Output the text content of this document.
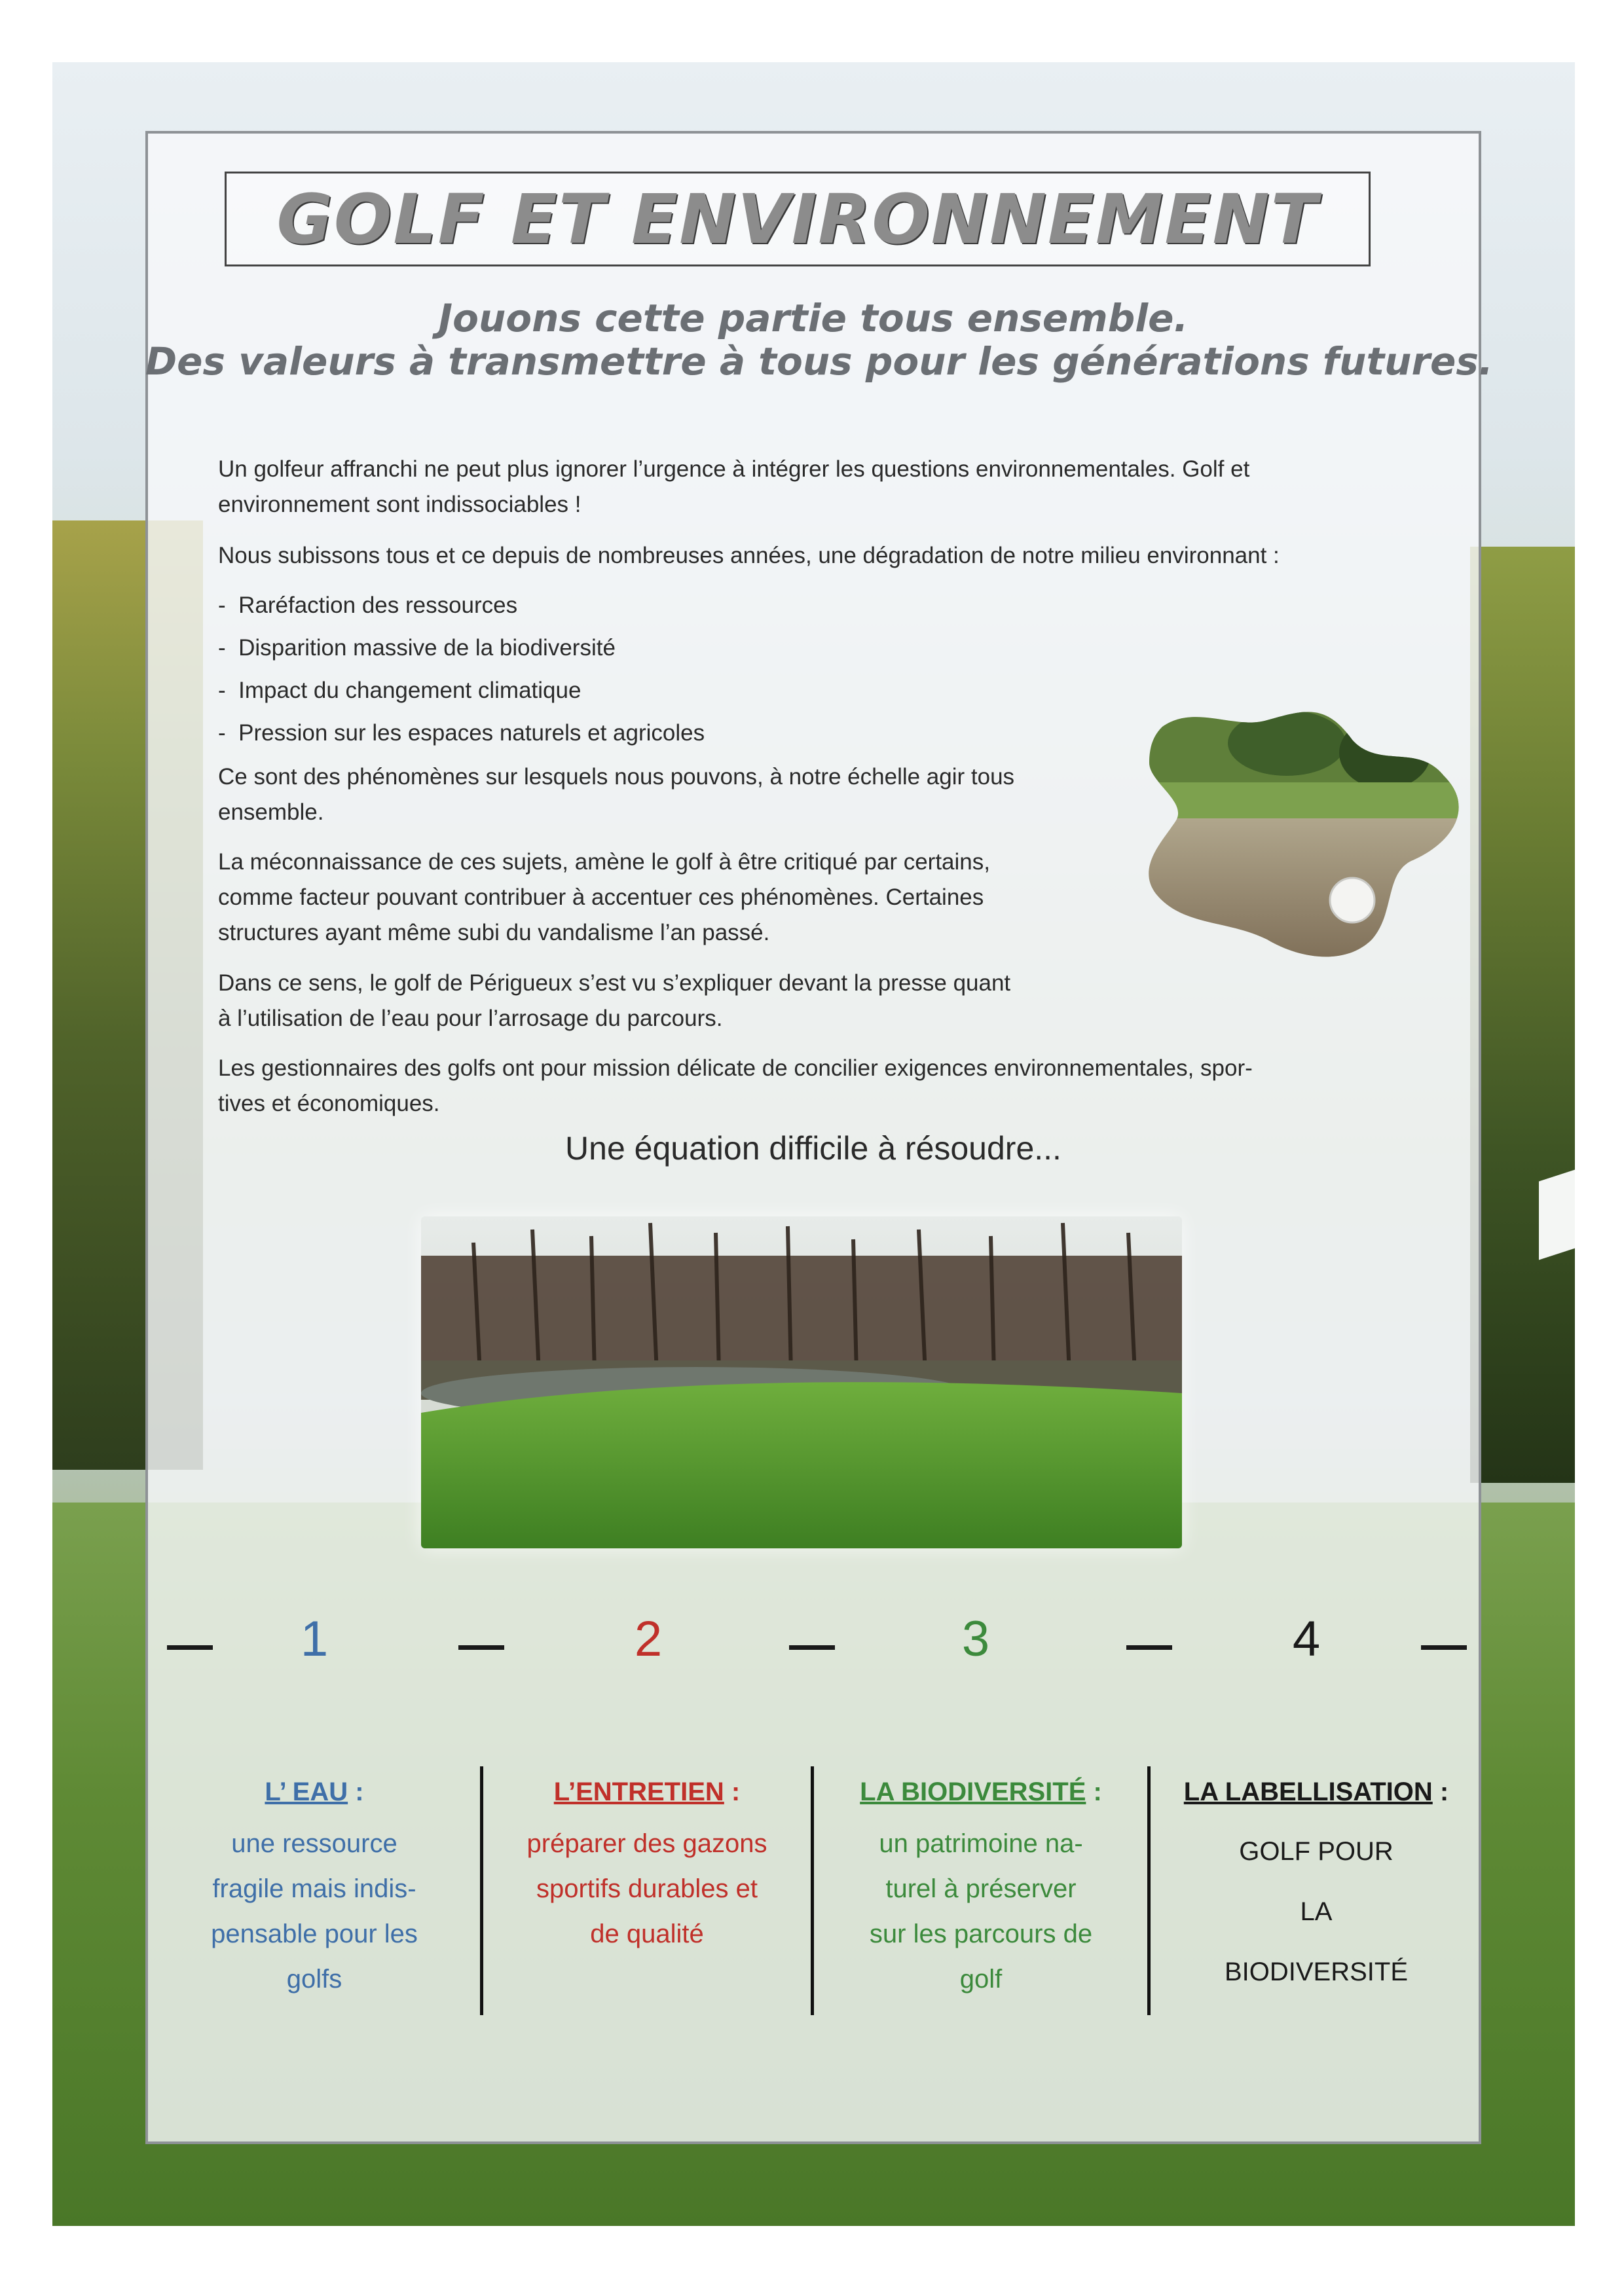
GOLF ET ENVIRONNEMENT
Jouons cette partie tous ensemble.
Des valeurs à transmettre à tous pour les générations futures.
Un golfeur affranchi ne peut plus ignorer l’urgence à intégrer les questions environnementales. Golf et
environnement sont indissociables !
Nous subissons tous et ce depuis de nombreuses années, une dégradation de notre milieu environnant :
- Raréfaction des ressources
- Disparition massive de la biodiversité
- Impact du changement climatique
- Pression sur les espaces naturels et agricoles
Ce sont des phénomènes sur lesquels nous pouvons, à notre échelle agir tous
ensemble.
La méconnaissance de ces sujets, amène le golf à être critiqué par certains,
comme facteur pouvant contribuer à accentuer ces phénomènes. Certaines
structures ayant même subi du vandalisme l’an passé.
Dans ce sens, le golf de Périgueux s’est vu s’expliquer devant la presse quant
à l’utilisation de l’eau pour l’arrosage du parcours.
Les gestionnaires des golfs ont pour mission délicate de concilier exigences environnementales, spor-
tives et économiques.
Une équation difficile à résoudre...
1	2	3	4
L’ EAU :
une ressource
fragile mais indis-
pensable pour les
golfs
L’ENTRETIEN :
préparer des gazons
sportifs durables et
de qualité
LA BIODIVERSITÉ :
un patrimoine na-
turel à préserver
sur les parcours de
golf
LA LABELLISATION :
GOLF POUR
LA
BIODIVERSITÉ
